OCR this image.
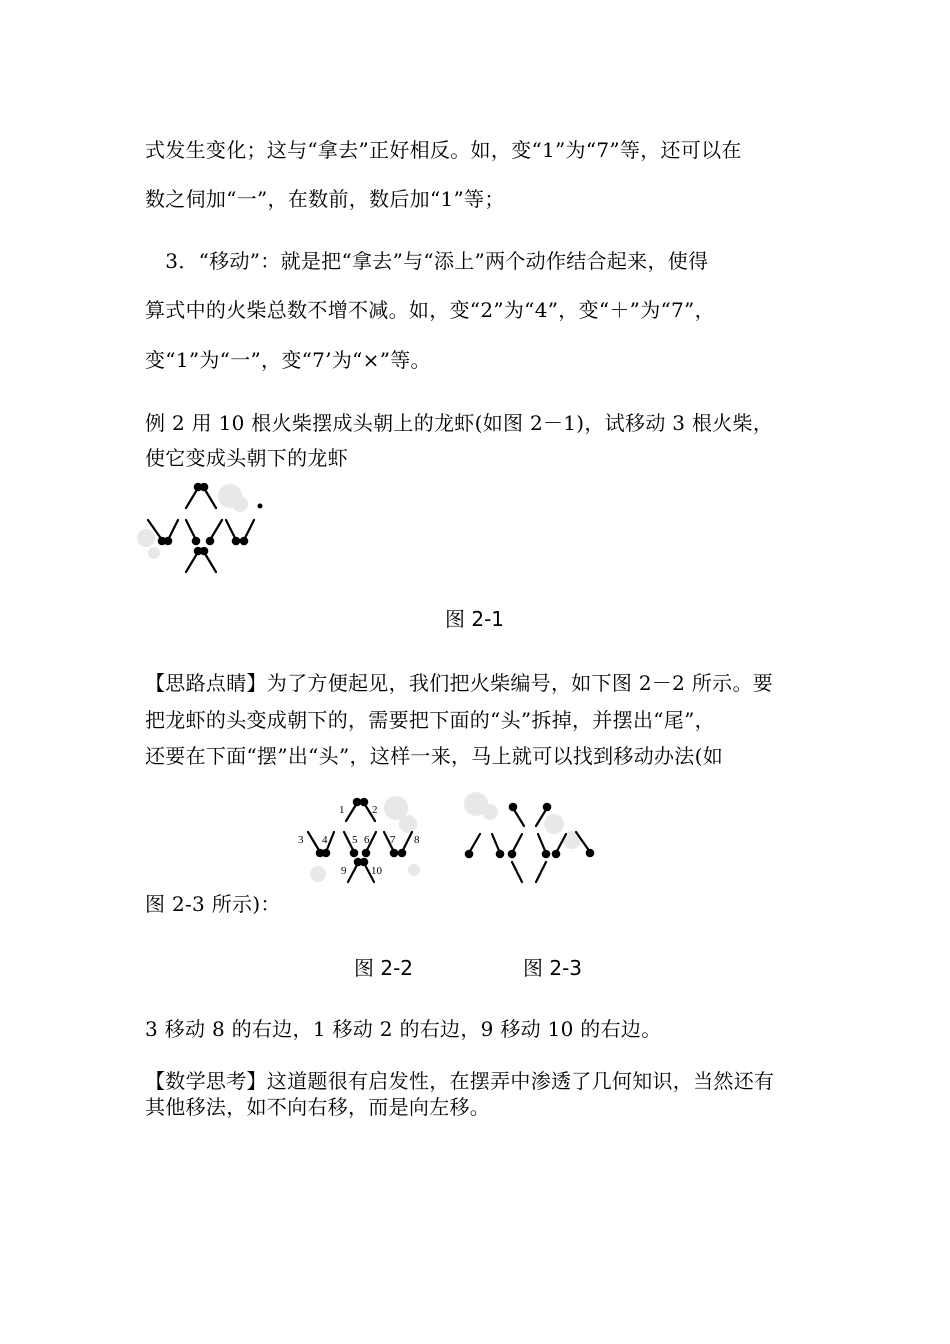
式发生变化；这与“拿去”正好相反。如，变“1”为“7”等，还可以在
数之伺加“一”，在数前，数后加“1”等；
　3．“移动”：就是把“拿去”与“添上”两个动作结合起来，使得
算式中的火柴总数不增不减。如，变“2”为“4”，变“＋”为“7”，
变“1”为“一”，变“7’为“×”等。
例 2 用 10 根火柴摆成头朝上的龙虾(如图 2－1)，试移动 3 根火柴，
使它变成头朝下的龙虾
图 2-1
【思路点睛】为了方便起见，我们把火柴编号，如下图 2－2 所示。要
把龙虾的头变成朝下的，需要把下面的“头”拆掉，并摆出“尾”，
还要在下面“摆”出“头”，这样一来，马上就可以找到移动办法(如
1	2
3 4 5 6 7 8
9 10
图 2-3 所示)：
图 2-2	图 2-3
3 移动 8 的右边，1 移动 2 的右边，9 移动 10 的右边。
【数学思考】这道题很有启发性，在摆弄中渗透了几何知识，当然还有
其他移法，如不向右移，而是向左移。
